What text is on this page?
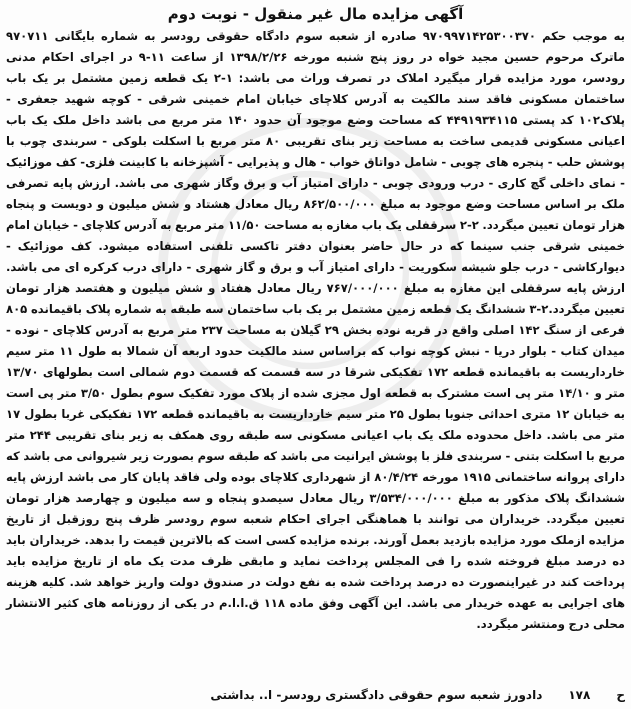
آگهی مزایده مال غیر منقول - نوبت دوم
به موجب حکم ۹۷۰۹۹۷۱۴۲۵۳۰۰۳۷۰ صادره از شعبه سوم دادگاه حقوقی رودسر به شماره بایگانی ۹۷۰۷۱۱ ماترک مرحوم حسین مجید خواه در روز پنج شنبه مورخه ۱۳۹۸/۲/۲۶ از ساعت ۱۱-۹ در اجرای احکام مدنی رودسر، مورد مزایده قرار میگیرد املاک در تصرف وراث می باشد: ۱-۲ یک قطعه زمین مشتمل بر یک باب ساختمان مسکونی فاقد سند مالکیت به آدرس کلاچای خیابان امام خمینی شرقی - کوچه شهید جعفری - پلاک۱۰۲ کد پستی ۴۴۹۱۹۳۴۱۱۵ که مساحت وضع موجود آن حدود ۱۴۰ متر مربع می باشد داخل ملک یک باب اعیانی مسکونی قدیمی ساخت به مساحت زیر بنای تقریبی ۸۰ متر مربع با اسکلت بلوکی - سربندی چوب با پوشش حلب - پنجره های چوبی - شامل دواتاق خواب - هال و پذیرایی - آشپزخانه با کابینت فلزی- کف موزائیک - نمای داخلی گچ کاری - درب ورودی چوبی - دارای امتیاز آب و برق وگاز شهری می باشد. ارزش پایه تصرفی ملک بر اساس مساحت وضع موجود به مبلغ ۸۶۲/۵۰۰/۰۰۰ ریال معادل هشتاد و شش میلیون و دویست و پنجاه هزار تومان تعیین میگردد. ۲-۲ سرقفلی یک باب مغازه به مساحت ۱۱/۵۰ متر مربع به آدرس کلاچای - خیابان امام خمینی شرقی جنب سینما که در حال حاضر بعنوان دفتر تاکسی تلفنی استفاده میشود. کف موزائیک - دیوارکاشی - درب جلو شیشه سکوریت - دارای امتیاز آب و برق و گاز شهری - دارای درب کرکره ای می باشد. ارزش پایه سرقفلی این مغازه به مبلغ ۷۶۷/۰۰۰/۰۰۰ ریال معادل هفتاد و شش میلیون و هفتصد هزار تومان تعیین میگردد.۲-۳ ششدانگ یک قطعه زمین مشتمل بر یک باب ساختمان سه طبقه به شماره پلاک باقیمانده ۸۰۵ فرعی از سنگ ۱۴۲ اصلی واقع در قریه نوده بخش ۲۹ گیلان به مساحت ۲۳۷ متر مربع به آدرس کلاچای - نوده - میدان کتاب - بلوار دریا - نبش کوچه نواب که براساس سند مالکیت حدود اربعه آن شمالا به طول ۱۱ متر سیم خارداریست به باقیمانده قطعه ۱۷۲ تفکیکی شرقا در سه قسمت که قسمت دوم شمالی است بطولهای ۱۳/۷۰ متر و ۱۴/۱۰ متر پی است مشترک به قطعه اول مجزی شده از پلاک مورد تفکیک سوم بطول ۳/۵۰ متر پی است به خیابان ۱۲ متری احداثی جنوبا بطول ۲۵ متر سیم خارداریست به باقیمانده قطعه ۱۷۲ تفکیکی غربا بطول ۱۷ متر می باشد. داخل محدوده ملک یک باب اعیانی مسکونی سه طبقه روی همکف به زیر بنای تقریبی ۲۴۴ متر مربع با اسکلت بتنی - سربندی فلز با پوشش ایرانیت می باشد که طبقه سوم بصورت زیر شیروانی می باشد که دارای پروانه ساختمانی ۱۹۱۵ مورخه ۸۰/۴/۲۴ از شهرداری کلاچای بوده ولی فاقد پایان کار می باشد ارزش پایه ششدانگ پلاک مذکور به مبلغ ۳/۵۳۴/۰۰۰/۰۰۰ ریال معادل سیصدو پنجاه و سه میلیون و چهارصد هزار تومان تعیین میگردد. خریداران می توانند با هماهنگی اجرای احکام شعبه سوم رودسر ظرف پنج روزقبل از تاریخ مزایده ازملک مورد مزایده بازدید بعمل آورند. برنده مزایده کسی است که بالاترین قیمت را بدهد. خریداران باید ده درصد مبلغ فروخته شده را فی المجلس پرداخت نماید و مابقی ظرف مدت یک ماه از تاریخ مزایده باید پرداخت کند در غیراینصورت ده درصد پرداخت شده به نفع دولت در صندوق دولت واریز خواهد شد. کلیه هزینه های اجرایی به عهده خریدار می باشد. این آگهی وفق ماده ۱۱۸ ق.ا.ا.م در یکی از روزنامه های کثیر الانتشار محلی درج ومنتشر میگردد.
ح
۱۷۸
دادورز شعبه سوم حقوقی دادگستری رودسر- ا.. بداشتی
